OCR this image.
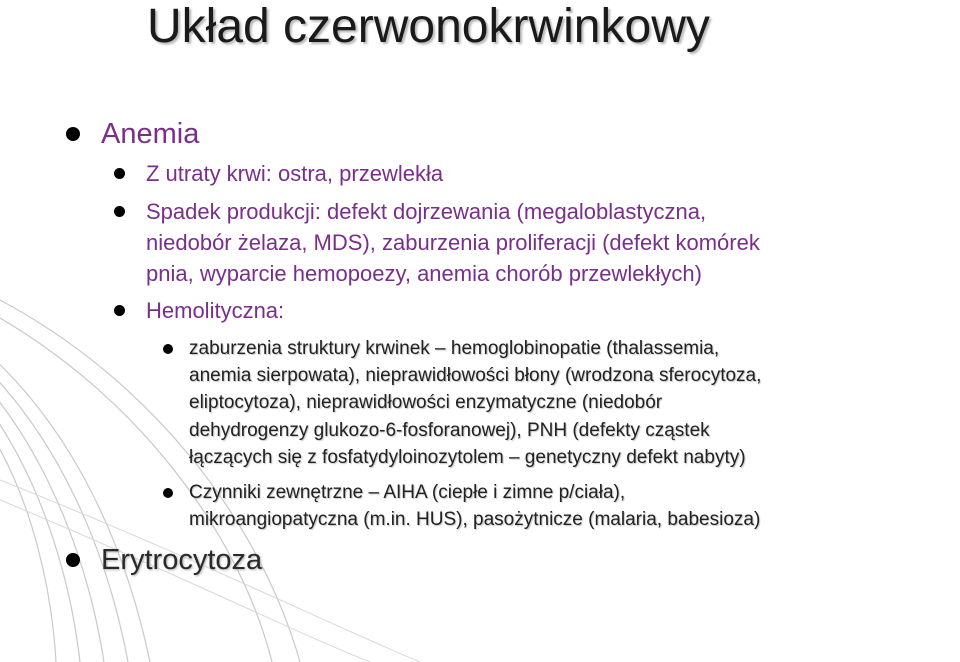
Układ czerwonokrwinkowy
Anemia
Z utraty krwi: ostra, przewlekła
Spadek produkcji: defekt dojrzewania (megaloblastyczna,
niedobór żelaza, MDS), zaburzenia proliferacji (defekt komórek
pnia, wyparcie hemopoezy, anemia chorób przewlekłych)
Hemolityczna:
zaburzenia struktury krwinek – hemoglobinopatie (thalassemia,
anemia sierpowata), nieprawidłowości błony (wrodzona sferocytoza,
eliptocytoza), nieprawidłowości enzymatyczne (niedobór
dehydrogenzy glukozo-6-fosforanowej), PNH (defekty cząstek
łączących się z fosfatydyloinozytolem – genetyczny defekt nabyty)
Czynniki zewnętrzne – AIHA (ciepłe i zimne p/ciała),
mikroangiopatyczna (m.in. HUS), pasożytnicze (malaria, babesioza)
Erytrocytoza
